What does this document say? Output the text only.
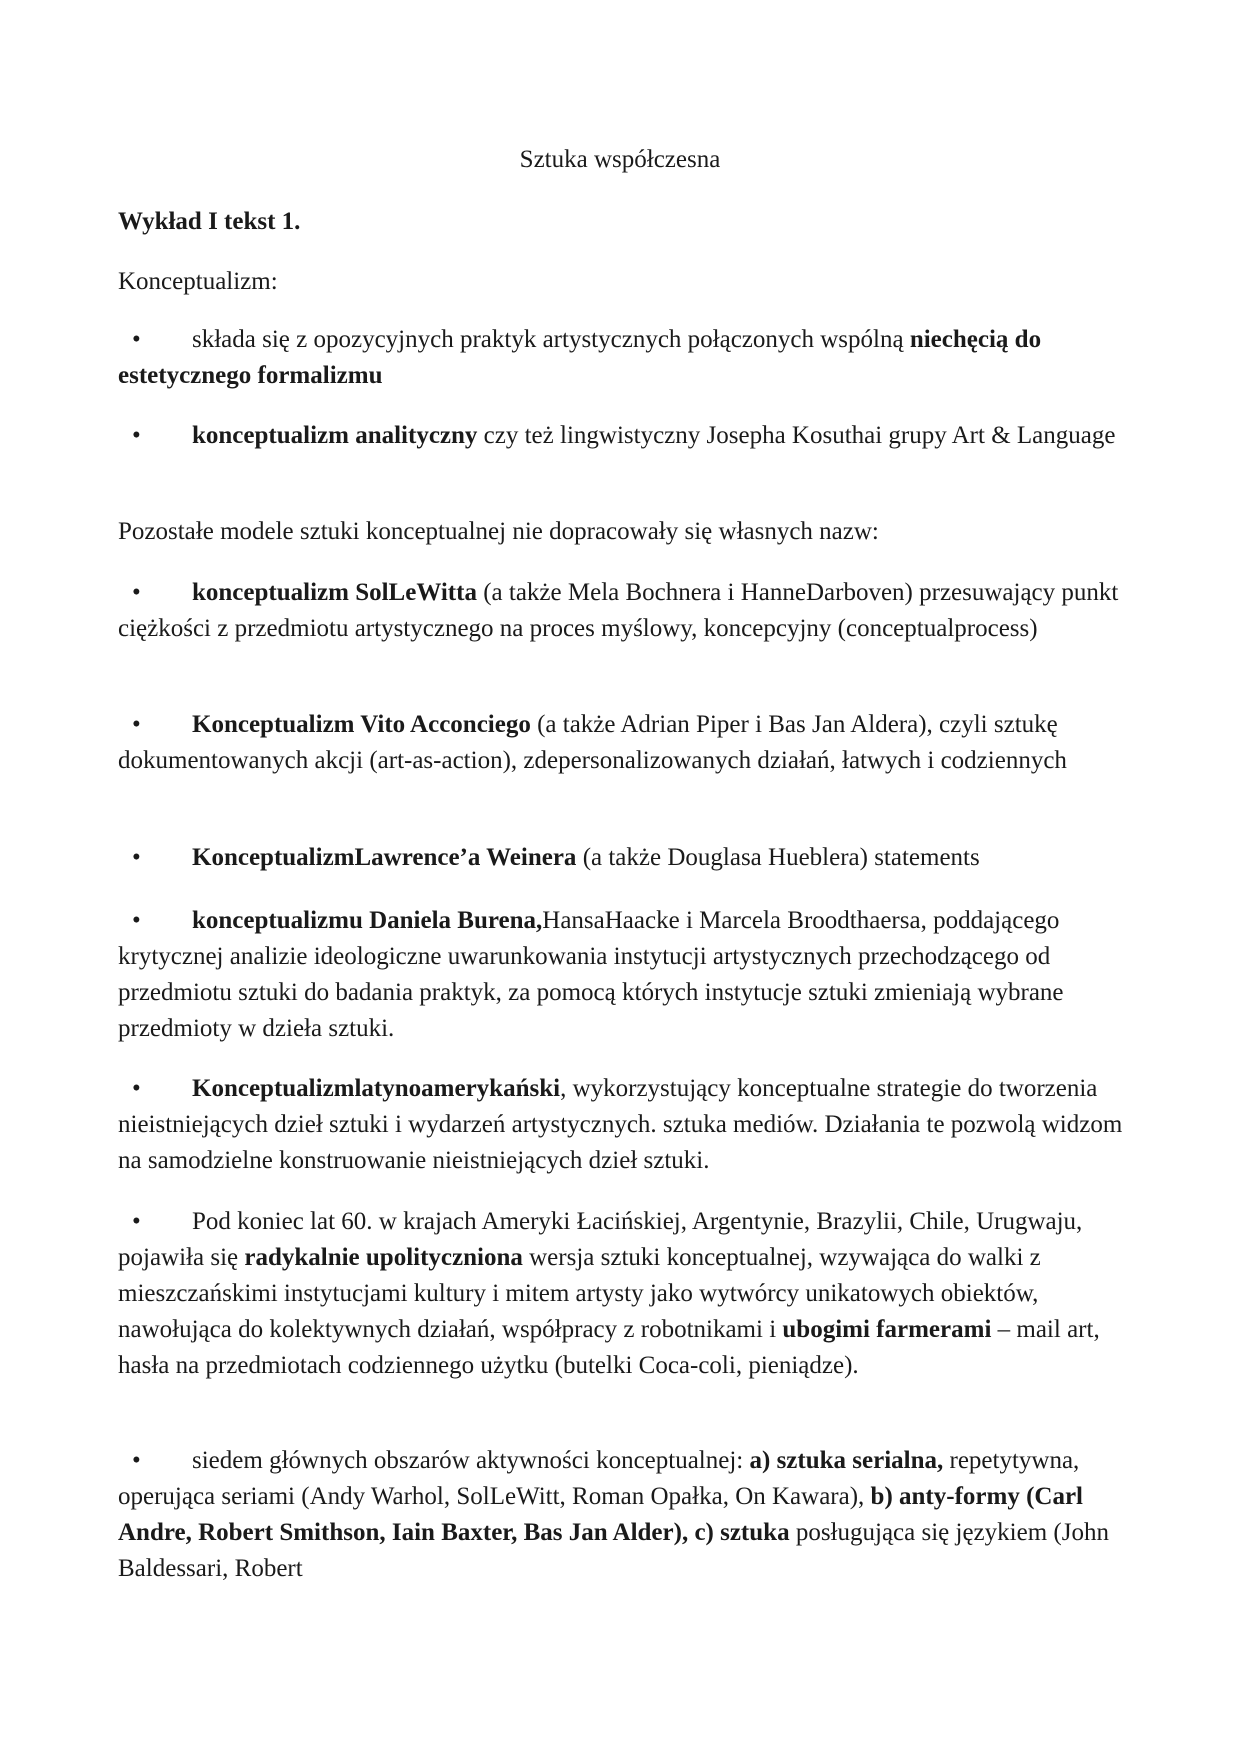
Sztuka współczesna

Wykład I tekst 1.

Konceptualizm:

• składa się z opozycyjnych praktyk artystycznych połączonych wspólną niechęcią do estetycznego formalizmu

• konceptualizm analityczny czy też lingwistyczny Josepha Kosuthai grupy Art & Language

Pozostałe modele sztuki konceptualnej nie dopracowały się własnych nazw:

• konceptualizm SolLeWitta (a także Mela Bochnera i HanneDarboven) przesuwający punkt ciężkości z przedmiotu artystycznego na proces myślowy, koncepcyjny (conceptualprocess)

• Konceptualizm Vito Acconciego (a także Adrian Piper i Bas Jan Aldera), czyli sztukę dokumentowanych akcji (art-as-action), zdepersonalizowanych działań, łatwych i codziennych

• KonceptualizmLawrence’a Weinera (a także Douglasa Hueblera) statements

• konceptualizmu Daniela Burena,HansaHaacke i Marcela Broodthaersa, poddającego krytycznej analizie ideologiczne uwarunkowania instytucji artystycznych przechodzącego od przedmiotu sztuki do badania praktyk, za pomocą których instytucje sztuki zmieniają wybrane przedmioty w dzieła sztuki.

• Konceptualizmlatynoamerykański, wykorzystujący konceptualne strategie do tworzenia nieistniejących dzieł sztuki i wydarzeń artystycznych. sztuka mediów. Działania te pozwolą widzom na samodzielne konstruowanie nieistniejących dzieł sztuki.

• Pod koniec lat 60. w krajach Ameryki Łacińskiej, Argentynie, Brazylii, Chile, Urugwaju, pojawiła się radykalnie upolityczniona wersja sztuki konceptualnej, wzywająca do walki z mieszczańskimi instytucjami kultury i mitem artysty jako wytwórcy unikatowych obiektów, nawołująca do kolektywnych działań, współpracy z robotnikami i ubogimi farmerami – mail art, hasła na przedmiotach codziennego użytku (butelki Coca-coli, pieniądze).

• siedem głównych obszarów aktywności konceptualnej: a) sztuka serialna, repetytywna, operująca seriami (Andy Warhol, SolLeWitt, Roman Opałka, On Kawara), b) anty-formy (Carl Andre, Robert Smithson, Iain Baxter, Bas Jan Alder), c) sztuka posługująca się językiem (John Baldessari, Robert
